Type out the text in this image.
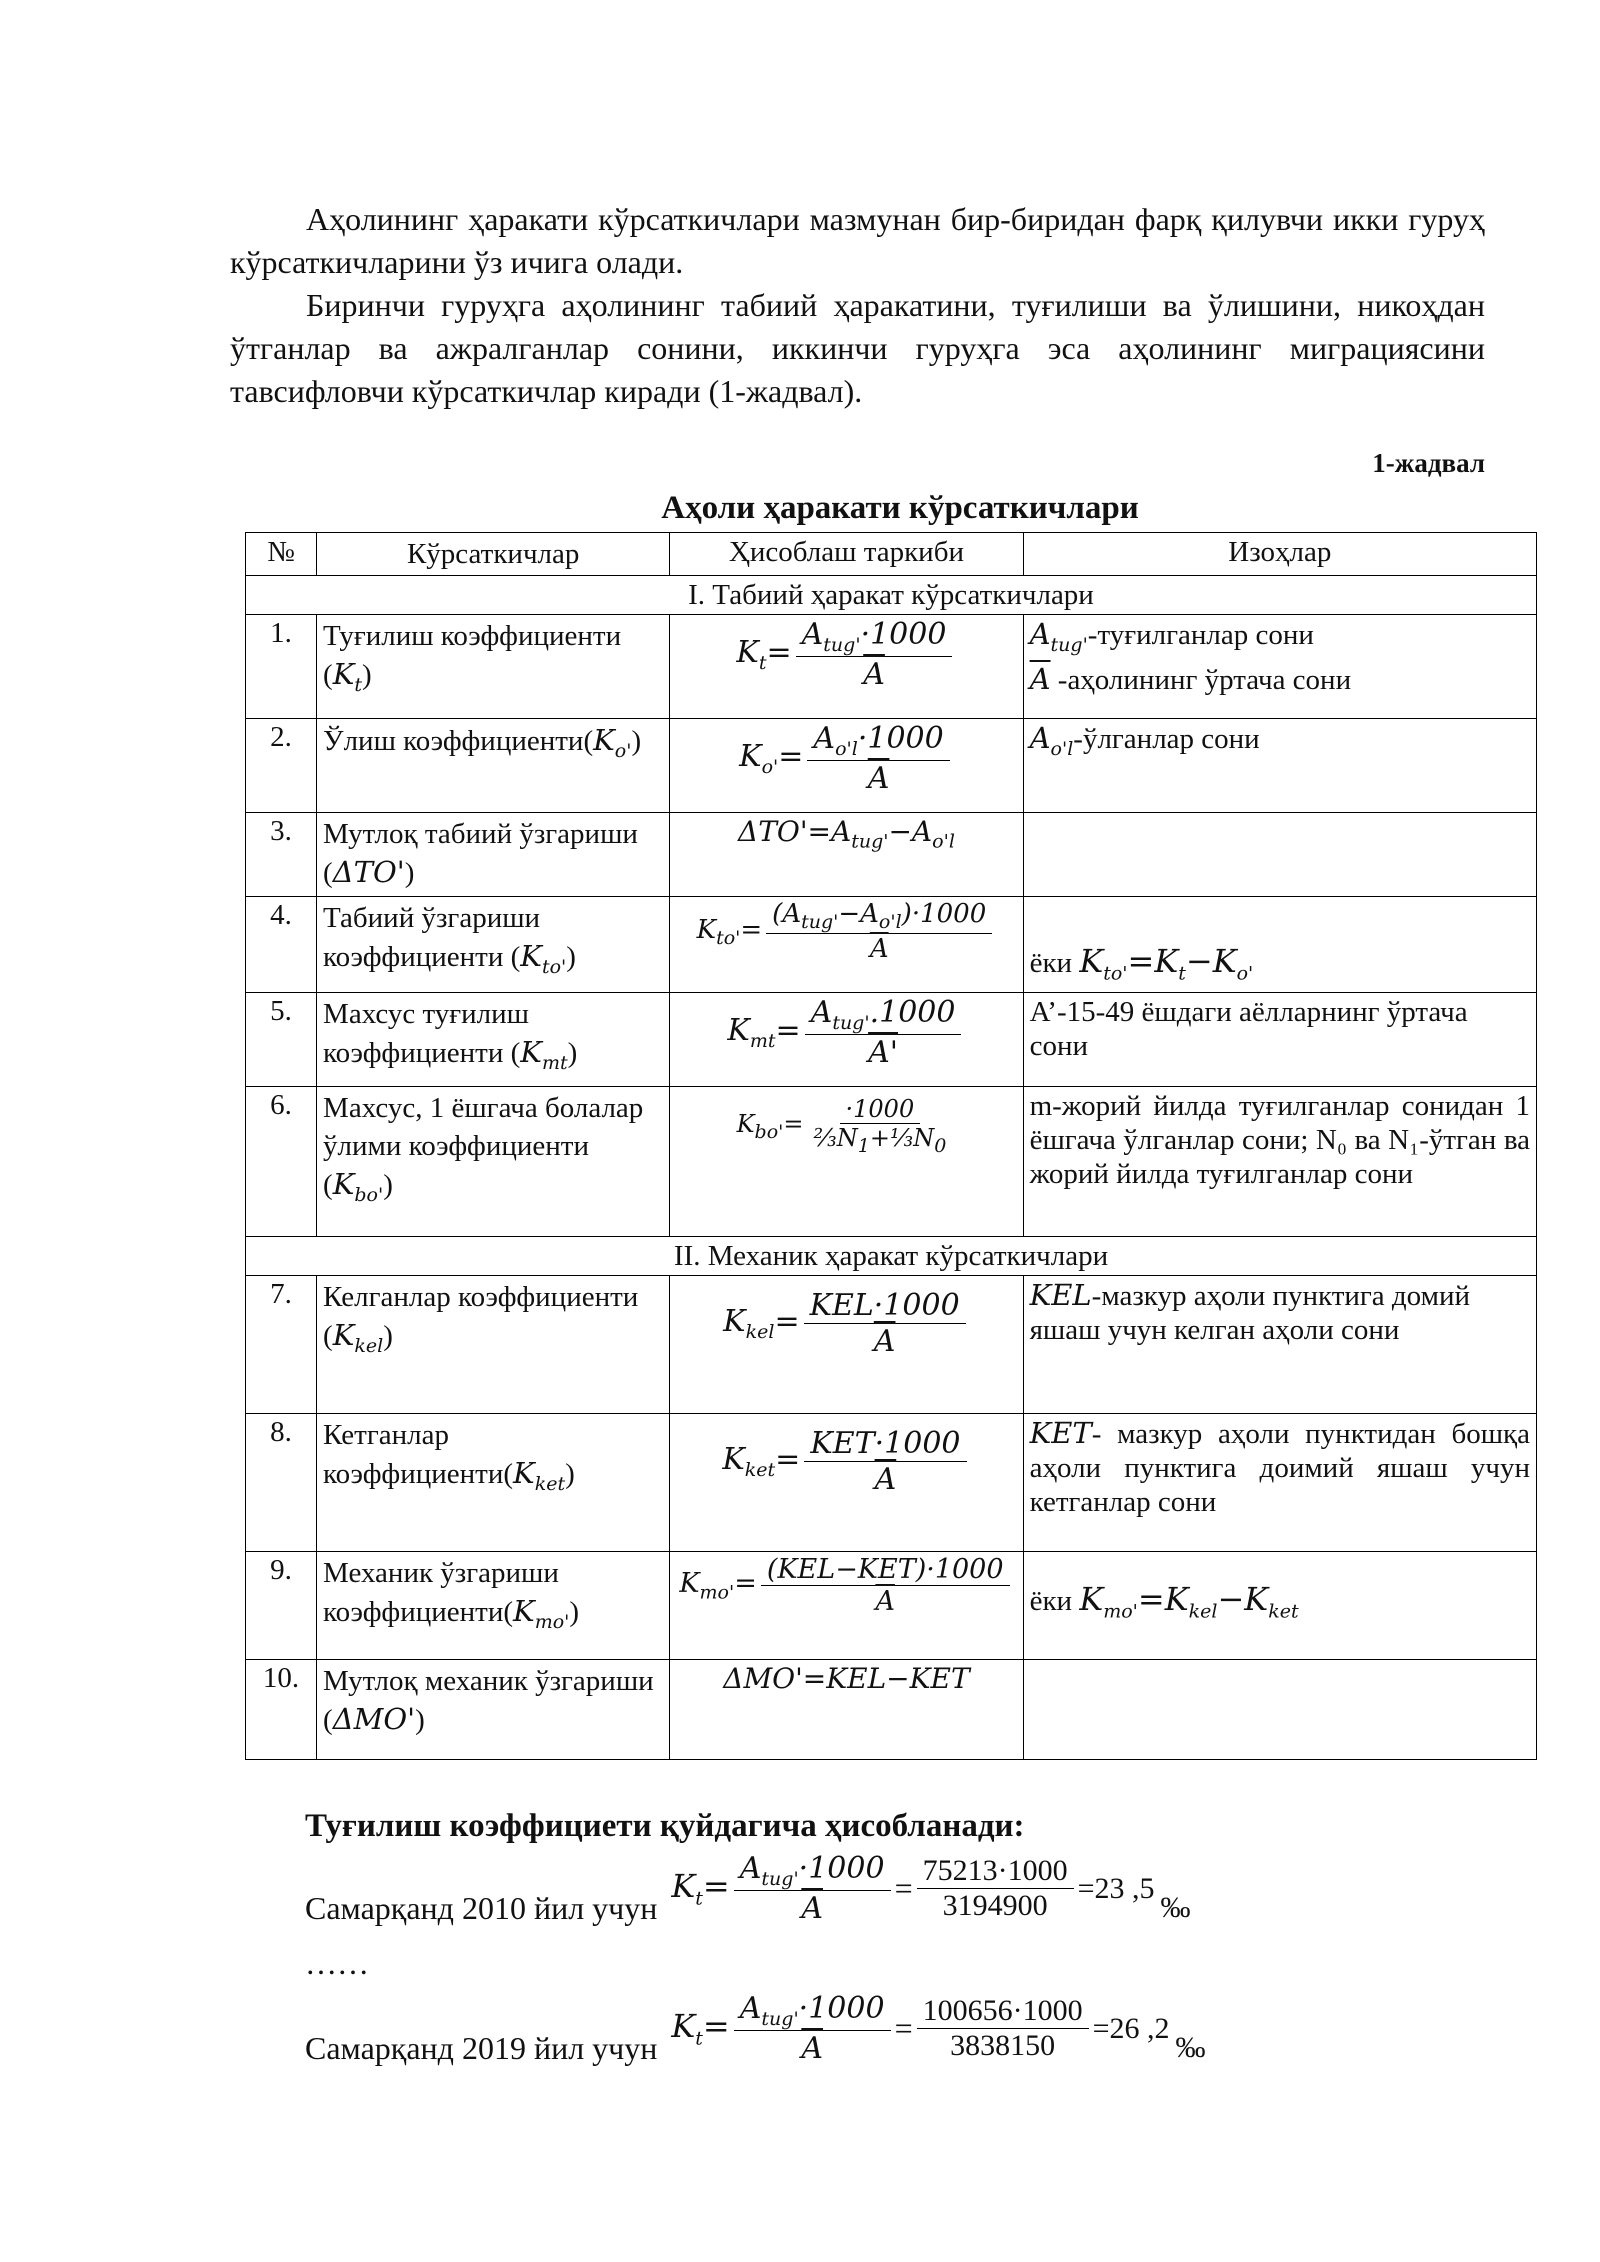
Аҳолининг ҳаракати кўрсаткичлари мазмунан бир-биридан фарқ қилувчи икки гуруҳ кўрсаткичларини ўз ичига олади.

Биринчи гуруҳга аҳолининг табиий ҳаракатини, туғилиши ва ўлишини, никоҳдан ўтганлар ва ажралганлар сонини, иккинчи гуруҳга эса аҳолининг миграциясини тавсифловчи кўрсаткичлар киради (1-жадвал).

1-жадвал
Аҳоли ҳаракати кўрсаткичлари
№	Кўрсаткичлар	Ҳисоблаш таркиби	Изоҳлар
I. Табиий ҳаракат кўрсаткичлари			
1.	Туғилиш коэффициенти $(K_t)$	$K_t= \frac{A_{tug'}\cdot 1000}{A}$	$A_{tug'}$-туғилганлар сони
$\overline{A}$ -аҳолининг ўртача сони
2.	Ўлиш $коэффициенти(K_{o'})$	$K_{o'}= \frac{A_{o'l}\cdot 1000}{A}$	$A_{o'l}$-ўлганлар сони
3.	Мутлоқ табиий ўзгариши (ΔTO')	$\Delta TO'=A_{tug'}-A_{o'l}$

4.	Табиий ўзгариши коэффициенти $(K_{to'})$	$K_{to'}= \frac{(A_{tug'}-A_{o'l})\cdot 1000}{A}$	ёки $K_{to'}=K_t-K_{o'}$
5.	Махсус туғилиш коэффициенти $(K_{mt})$	$K_{mt}= \frac{A_{tug'}.1000}{A'}$	A’-15-49 ёшдаги аёлларнинг ўртача сони
6.	Махсус, 1 ёшгача болалар ўлими коэффициенти $(K_{bo'})$	$K_{bo'}= \frac{\cdot 1000}{\frac{2}{3}N_1+\frac{1}{3}N_0}$	m-жорий йилда туғилганлар сонидан 1 ёшгача ўлганлар сони; N₀ ва N₁-ўтган ва жорий йилда туғилганлар сони
II. Механик ҳаракат кўрсаткичлари			
7.	Келганлар коэффициенти $(K_{kel})$	$K_{kel}= \frac{\text{KEL·1000}}{A}$	KEL-мазкур аҳоли пунктига домий яшаш учун келган аҳоли сони
8.	Кетганлар $коэффициенти(K_{ket})$	$K_{ket}= \frac{\text{KET·1000}}{A}$	KET- мазкур аҳоли пунктидан бошқа аҳоли пунктига доимий яшаш учун кетганлар сони
9.	Механик ўзгариши $коэффициенти(K_{mo'})$	$K_{mo'}= \frac{\text{(KEL−KET)·1000}}{A}$	ёки $K_{mo'}=K_{kel}-K_{ket}$
10.	Мутлоқ механик ўзгариши (ΔMO')	ΔMO'=KEL−KET	

Туғилиш коэффициети қуйдагича ҳисобланади:
Самарқанд 2010 йил учун
$K_t= \frac{A_{tug'}\cdot 1000}{A} = \frac{75213\cdot 1000}{3194900} =23$ ,5
‰
……
Самарқанд 2019 йил учун
$K_t= \frac{A_{tug'}\cdot 1000}{A} = \frac{100656\cdot 1000}{3838150} =26$ ,2
‰
